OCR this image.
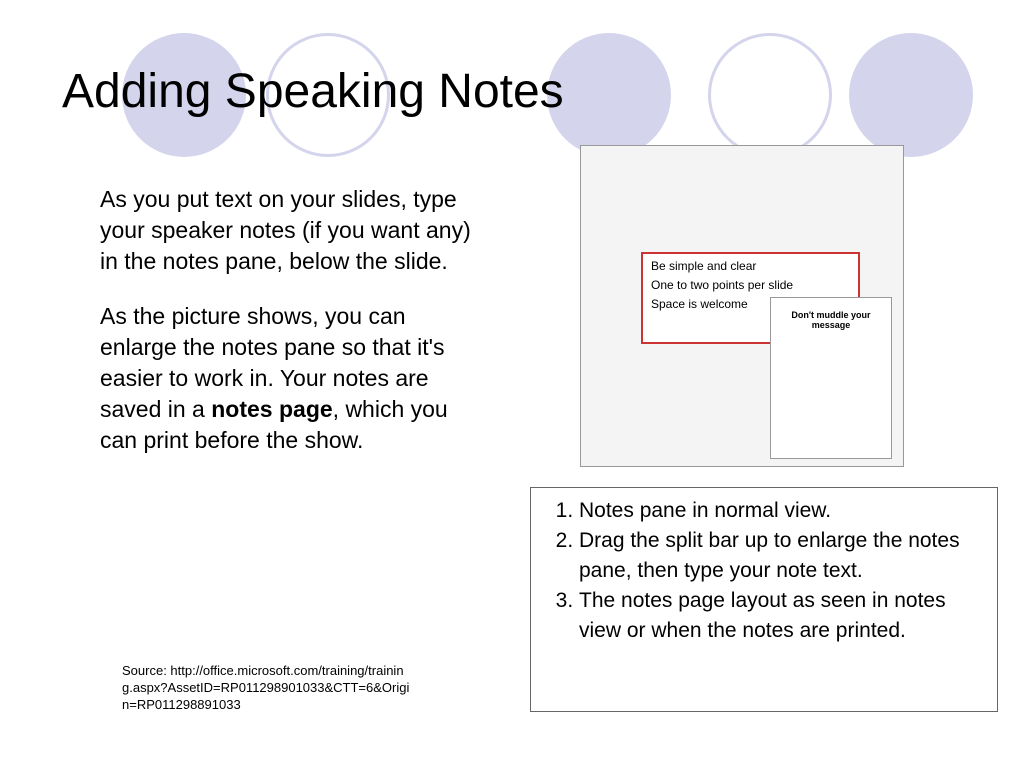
Adding Speaking Notes

As you put text on your slides, type your speaker notes (if you want any) in the notes pane, below the slide.

As the picture shows, you can enlarge the notes pane so that it's easier to work in. Your notes are saved in a notes page, which you can print before the show.

Be simple and clear
One to two points per slide
Space is welcome
Don't muddle your message
1. Notes pane in normal view.
2. Drag the split bar up to enlarge the notes pane, then type your note text.
3. The notes page layout as seen in notes view or when the notes are printed.
Source: http://office.microsoft.com/training/training.aspx?AssetID=RP011298901033&CTT=6&Origin=RP011298891033
